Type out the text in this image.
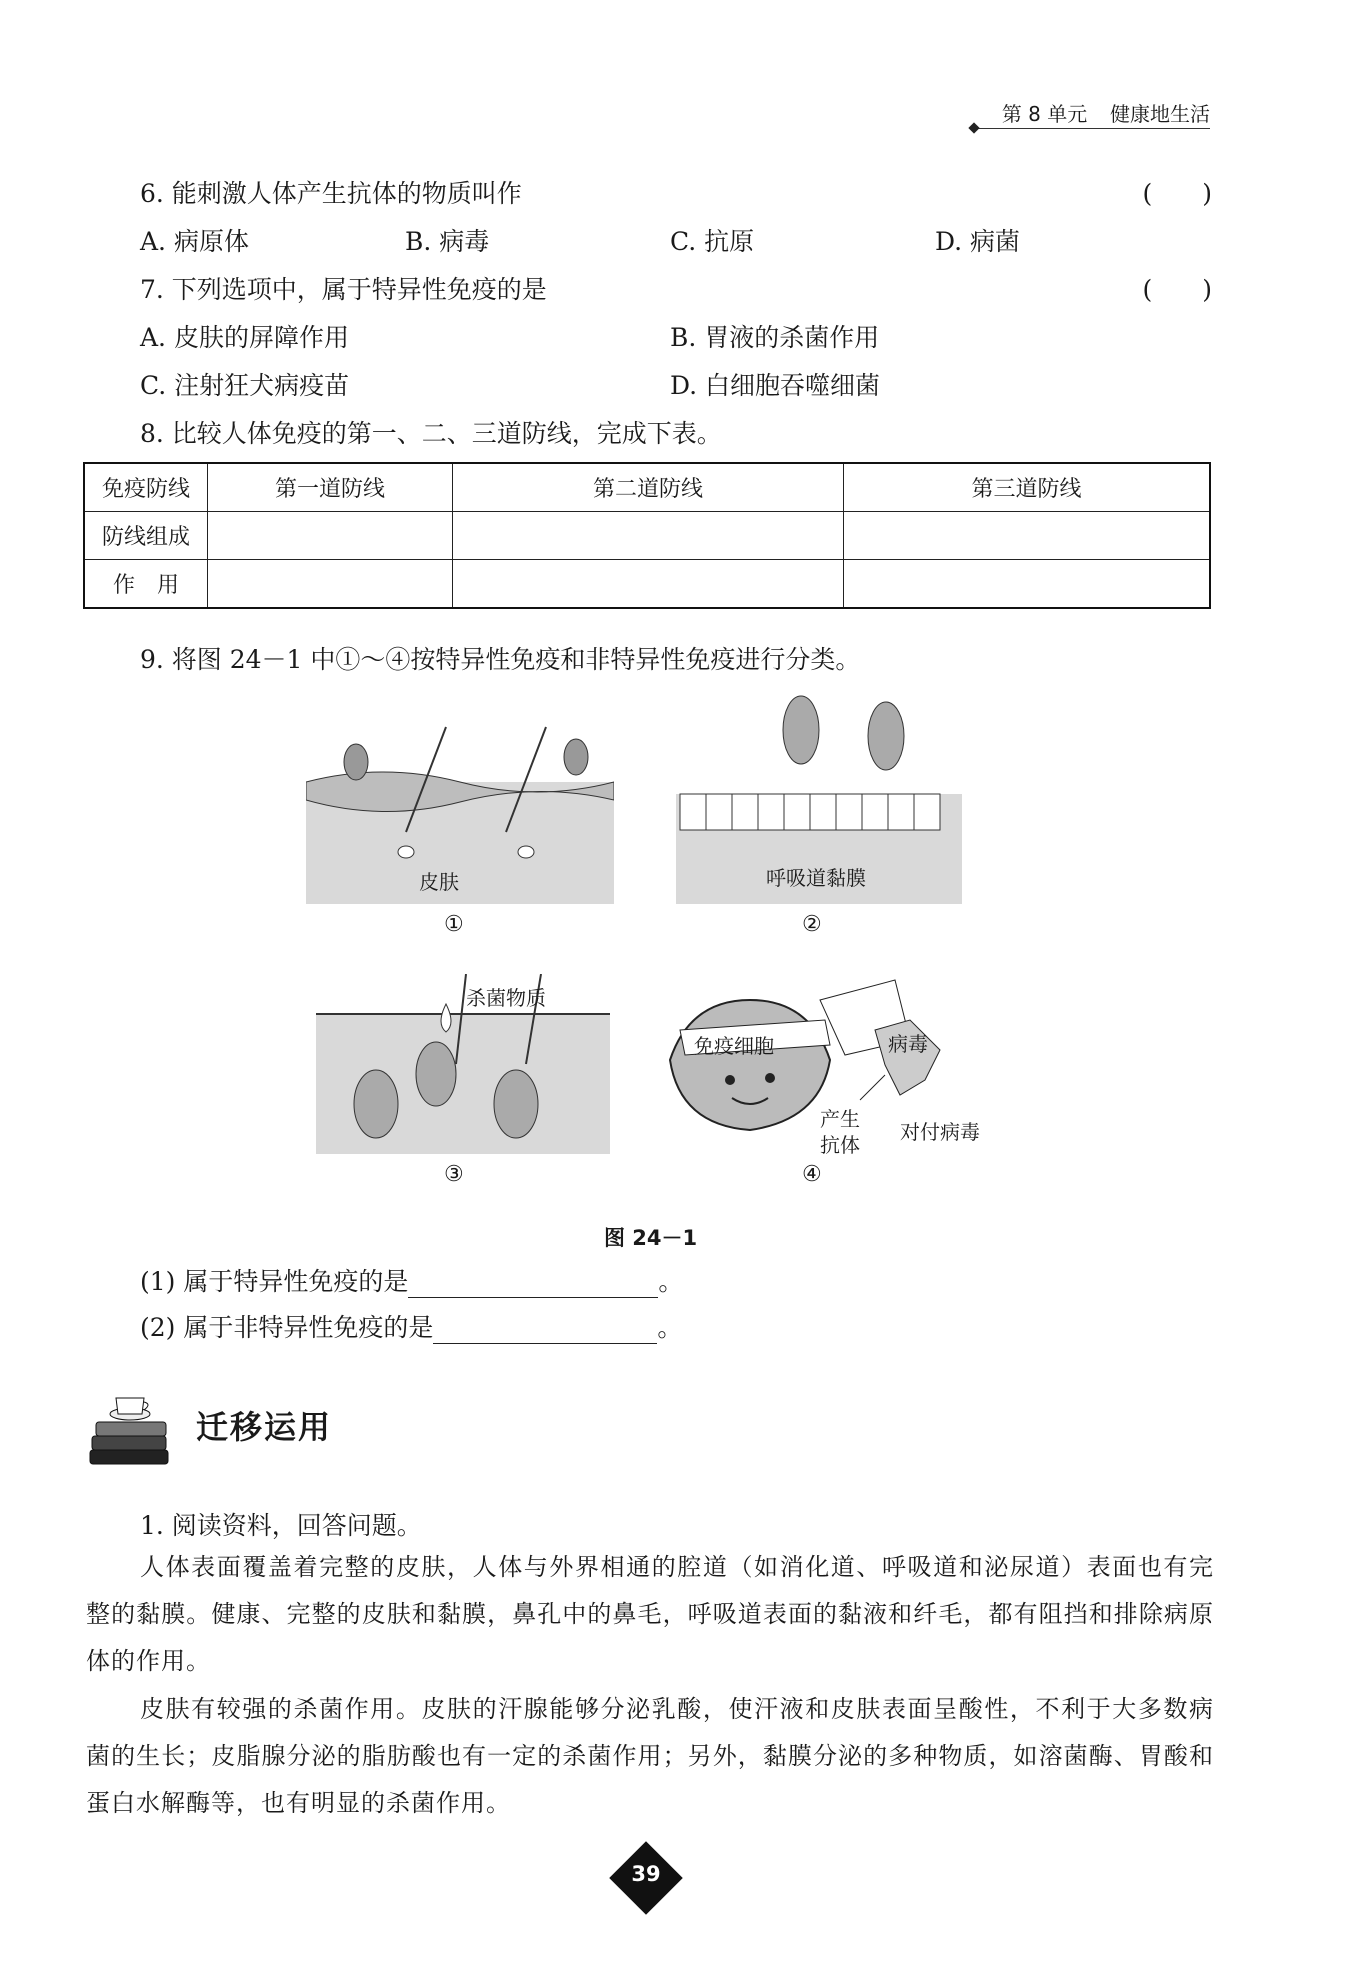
第 8 单元 健康地生活
6. 能刺激人体产生抗体的物质叫作	(　　)
A. 病原体	B. 病毒	C. 抗原	D. 病菌
7. 下列选项中，属于特异性免疫的是	(　　)
A. 皮肤的屏障作用	B. 胃液的杀菌作用
C. 注射狂犬病疫苗	D. 白细胞吞噬细菌
8. 比较人体免疫的第一、二、三道防线，完成下表。
免疫防线	第一道防线	第二道防线	第三道防线
防线组成			
作　用			
9. 将图 24－1 中①～④按特异性免疫和非特异性免疫进行分类。
皮肤
①
呼吸道黏膜
②
杀菌物质
③
免疫细胞	病毒
产生
抗体
对付病毒
④
图 24－1
(1) 属于特异性免疫的是	。
(2) 属于非特异性免疫的是	。
迁移运用
1. 阅读资料，回答问题。
人体表面覆盖着完整的皮肤，人体与外界相通的腔道（如消化道、呼吸道和泌尿道）表面也有完整的黏膜。健康、完整的皮肤和黏膜，鼻孔中的鼻毛，呼吸道表面的黏液和纤毛，都有阻挡和排除病原体的作用。
皮肤有较强的杀菌作用。皮肤的汗腺能够分泌乳酸，使汗液和皮肤表面呈酸性，不利于大多数病菌的生长；皮脂腺分泌的脂肪酸也有一定的杀菌作用；另外，黏膜分泌的多种物质，如溶菌酶、胃酸和蛋白水解酶等，也有明显的杀菌作用。
39
